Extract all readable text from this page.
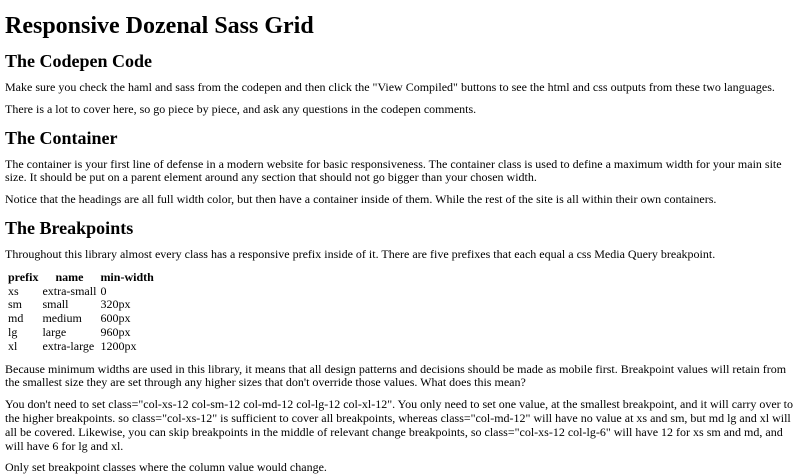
Responsive Dozenal Sass Grid
The Codepen Code

Make sure you check the haml and sass from the codepen and then click the "View Compiled" buttons to see the html and css outputs from these two languages.

There is a lot to cover here, so go piece by piece, and ask any questions in the codepen comments.

The Container

The container is your first line of defense in a modern website for basic responsiveness. The container class is used to define a maximum width for your main site size. It should be put on a parent element around any section that should not go bigger than your chosen width.

Notice that the headings are all full width color, but then have a container inside of them. While the rest of the site is all within their own containers.

The Breakpoints

Throughout this library almost every class has a responsive prefix inside of it. There are five prefixes that each equal a css Media Query breakpoint.

prefix	name	min-width
xs	extra-small	0
sm	small	320px
md	medium	600px
lg	large	960px
xl	extra-large	1200px

Because minimum widths are used in this library, it means that all design patterns and decisions should be made as mobile first. Breakpoint values will retain from the smallest size they are set through any higher sizes that don't override those values. What does this mean?

You don't need to set class="col-xs-12 col-sm-12 col-md-12 col-lg-12 col-xl-12". You only need to set one value, at the smallest breakpoint, and it will carry over to the higher breakpoints. so class="col-xs-12" is sufficient to cover all breakpoints, whereas class="col-md-12" will have no value at xs and sm, but md lg and xl will all be covered. Likewise, you can skip breakpoints in the middle of relevant change breakpoints, so class="col-xs-12 col-lg-6" will have 12 for xs sm and md, and will have 6 for lg and xl.

Only set breakpoint classes where the column value would change.
